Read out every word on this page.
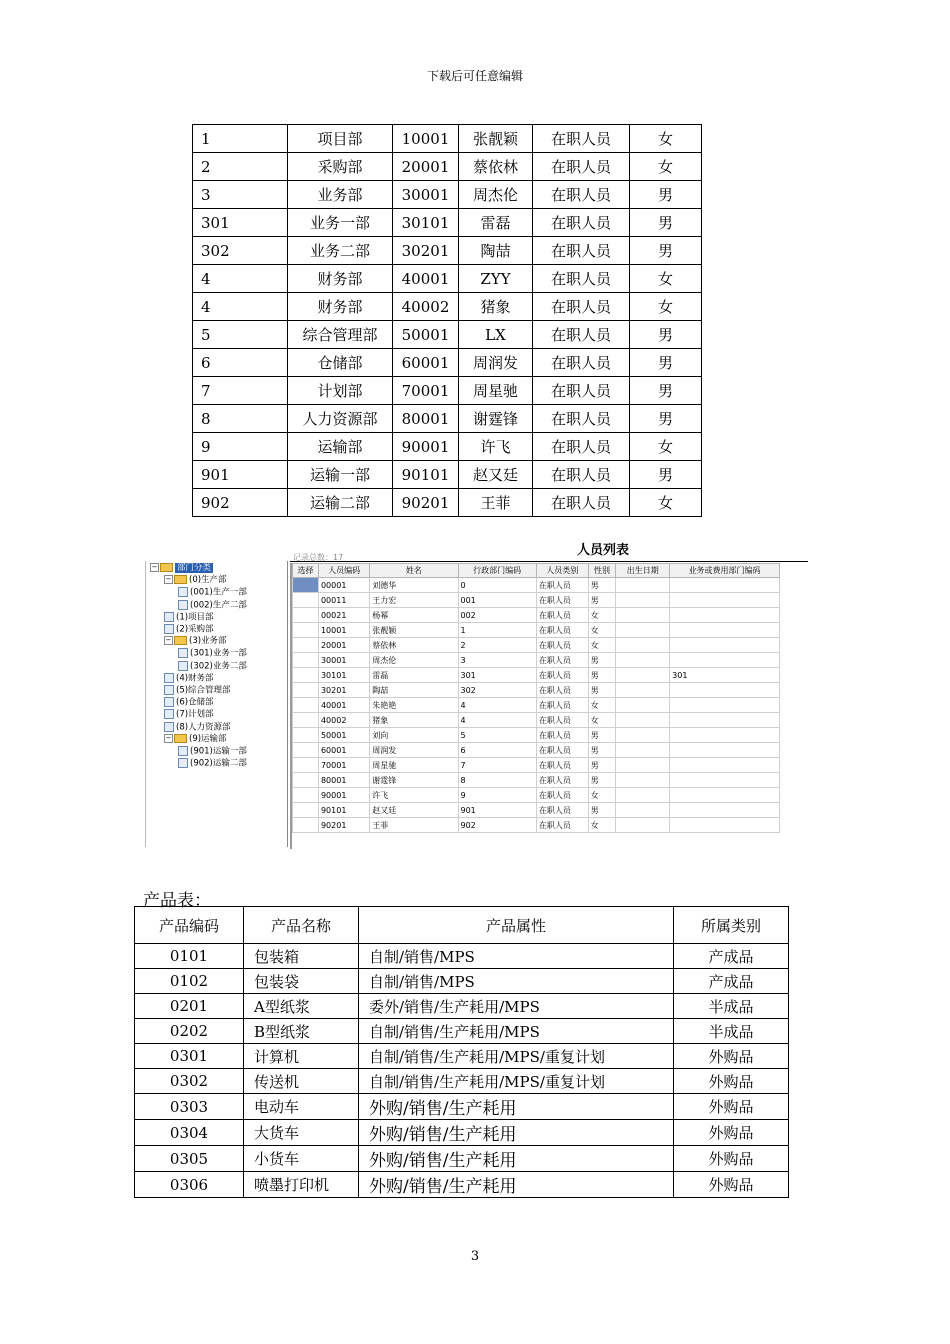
下载后可任意编辑
1	项目部	10001	张靓颖	在职人员	女
2	采购部	20001	蔡依林	在职人员	女
3	业务部	30001	周杰伦	在职人员	男
301	业务一部	30101	雷磊	在职人员	男
302	业务二部	30201	陶喆	在职人员	男
4	财务部	40001	ZYY	在职人员	女
4	财务部	40002	猪象	在职人员	女
5	综合管理部	50001	LX	在职人员	男
6	仓储部	60001	周润发	在职人员	男
7	计划部	70001	周星驰	在职人员	男
8	人力资源部	80001	谢霆锋	在职人员	男
9	运输部	90001	许飞	在职人员	女
901	运输一部	90101	赵又廷	在职人员	男
902	运输二部	90201	王菲	在职人员	女
人员列表
记录总数：17
− 部门分类
− (0)生产部
(001)生产一部
(002)生产二部
(1)项目部
(2)采购部
− (3)业务部
(301)业务一部
(302)业务二部
(4)财务部
(5)综合管理部
(6)仓储部
(7)计划部
(8)人力资源部
− (9)运输部
(901)运输一部
(902)运输二部
选择	人员编码	姓名	行政部门编码	人员类别	性别	出生日期	业务或费用部门编码
	00001	刘德华	0	在职人员	男		
	00011	王力宏	001	在职人员	男		
	00021	杨幂	002	在职人员	女		
	10001	张靓颖	1	在职人员	女		
	20001	蔡依林	2	在职人员	女		
	30001	周杰伦	3	在职人员	男		
	30101	雷磊	301	在职人员	男		301
	30201	陶喆	302	在职人员	男		
	40001	朱艳艳	4	在职人员	女		
	40002	猪象	4	在职人员	女		
	50001	刘向	5	在职人员	男		
	60001	周润发	6	在职人员	男		
	70001	周星驰	7	在职人员	男		
	80001	谢霆锋	8	在职人员	男		
	90001	许飞	9	在职人员	女		
	90101	赵又廷	901	在职人员	男		
	90201	王菲	902	在职人员	女		
产品表：
产品编码	产品名称	产品属性	所属类别
0101	包装箱	自制/销售/MPS	产成品
0102	包装袋	自制/销售/MPS	产成品
0201	A型纸浆	委外/销售/生产耗用/MPS	半成品
0202	B型纸浆	自制/销售/生产耗用/MPS	半成品
0301	计算机	自制/销售/生产耗用/MPS/重复计划	外购品
0302	传送机	自制/销售/生产耗用/MPS/重复计划	外购品
0303	电动车	外购/销售/生产耗用	外购品
0304	大货车	外购/销售/生产耗用	外购品
0305	小货车	外购/销售/生产耗用	外购品
0306	喷墨打印机	外购/销售/生产耗用	外购品
3
